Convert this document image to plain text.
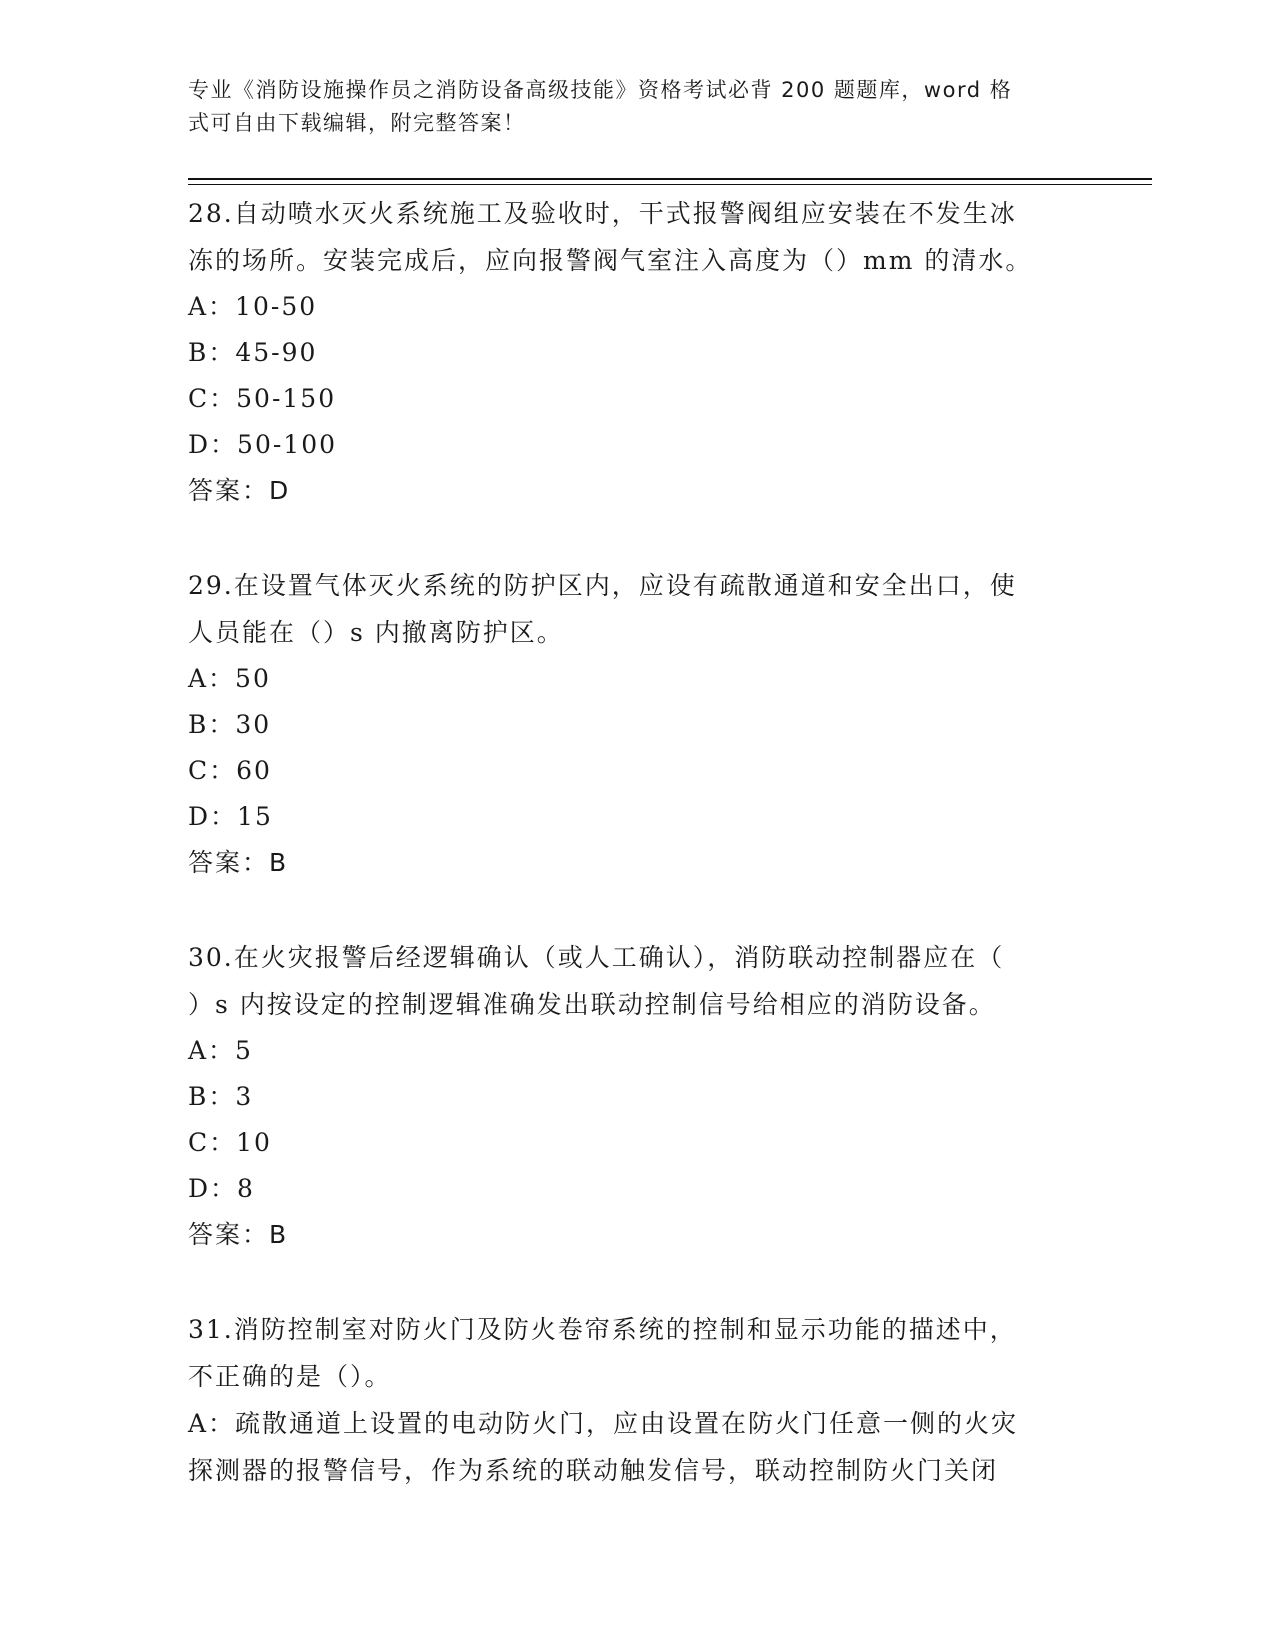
专业《消防设施操作员之消防设备高级技能》资格考试必背 200 题题库，word 格
式可自由下载编辑，附完整答案！
28.自动喷水灭火系统施工及验收时，干式报警阀组应安装在不发生冰
冻的场所。安装完成后，应向报警阀气室注入高度为（）mm 的清水。
A：10-50
B：45-90
C：50-150
D：50-100
答案：D
29.在设置气体灭火系统的防护区内，应设有疏散通道和安全出口，使
人员能在（）s 内撤离防护区。
A：50
B：30
C：60
D：15
答案：B
30.在火灾报警后经逻辑确认（或人工确认），消防联动控制器应在（
）s 内按设定的控制逻辑准确发出联动控制信号给相应的消防设备。
A：5
B：3
C：10
D：8
答案：B
31.消防控制室对防火门及防火卷帘系统的控制和显示功能的描述中，
不正确的是（）。
A：疏散通道上设置的电动防火门，应由设置在防火门任意一侧的火灾
探测器的报警信号，作为系统的联动触发信号，联动控制防火门关闭
